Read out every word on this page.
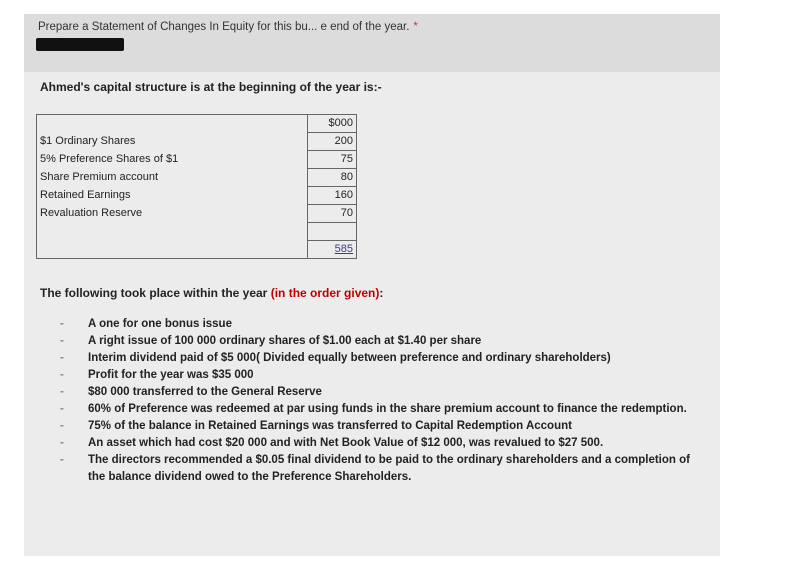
Prepare a Statement of Changes In Equity for this bu... e end of the year. *
Ahmed's capital structure is at the beginning of the year is:-
	$000
$1 Ordinary Shares	200
5% Preference Shares of $1	75
Share Premium account	80
Retained Earnings	160
Revaluation Reserve	70

	585
The following took place within the year (in the order given):
- A one for one bonus issue
- A right issue of 100 000 ordinary shares of $1.00 each at $1.40 per share
- Interim dividend paid of $5 000( Divided equally between preference and ordinary shareholders)
- Profit for the year was $35 000
- $80 000 transferred to the General Reserve
- 60% of Preference was redeemed at par using funds in the share premium account to finance the redemption.
- 75% of the balance in Retained Earnings was transferred to Capital Redemption Account
- An asset which had cost $20 000 and with Net Book Value of $12 000, was revalued to $27 500.
- The directors recommended a $0.05 final dividend to be paid to the ordinary shareholders and a completion of the balance dividend owed to the Preference Shareholders.
